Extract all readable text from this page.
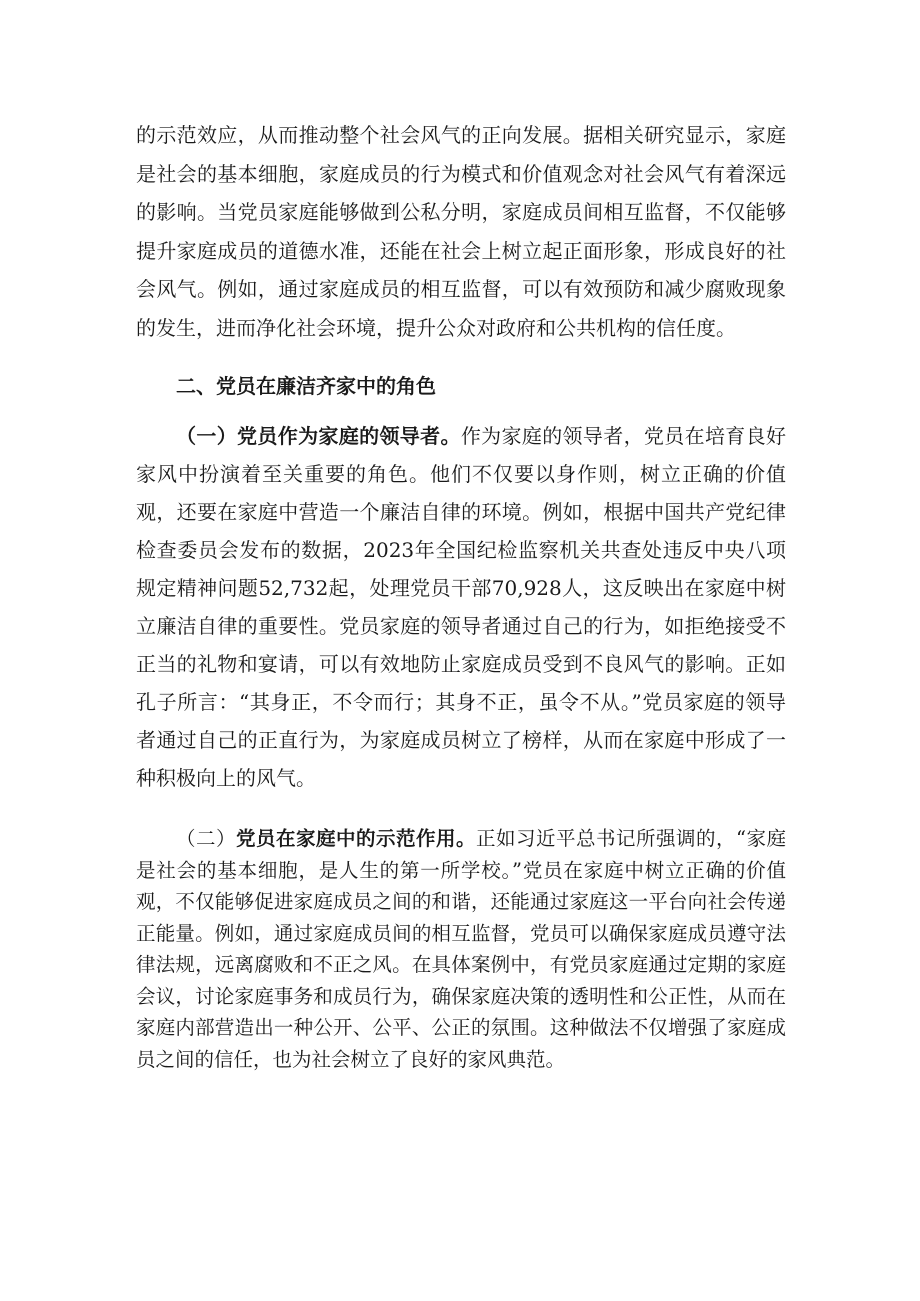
的示范效应，从而推动整个社会风气的正向发展。据相关研究显示，家庭是社会的基本细胞，家庭成员的行为模式和价值观念对社会风气有着深远的影响。当党员家庭能够做到公私分明，家庭成员间相互监督，不仅能够提升家庭成员的道德水准，还能在社会上树立起正面形象，形成良好的社会风气。例如，通过家庭成员的相互监督，可以有效预防和减少腐败现象的发生，进而净化社会环境，提升公众对政府和公共机构的信任度。

二、党员在廉洁齐家中的角色

（一）党员作为家庭的领导者。作为家庭的领导者，党员在培育良好家风中扮演着至关重要的角色。他们不仅要以身作则，树立正确的价值观，还要在家庭中营造一个廉洁自律的环境。例如，根据中国共产党纪律检查委员会发布的数据，2023年全国纪检监察机关共查处违反中央八项规定精神问题52,732起，处理党员干部70,928人，这反映出在家庭中树立廉洁自律的重要性。党员家庭的领导者通过自己的行为，如拒绝接受不正当的礼物和宴请，可以有效地防止家庭成员受到不良风气的影响。正如孔子所言：“其身正，不令而行；其身不正，虽令不从。”党员家庭的领导者通过自己的正直行为，为家庭成员树立了榜样，从而在家庭中形成了一种积极向上的风气。

（二）党员在家庭中的示范作用。正如习近平总书记所强调的，“家庭是社会的基本细胞，是人生的第一所学校。”党员在家庭中树立正确的价值观，不仅能够促进家庭成员之间的和谐，还能通过家庭这一平台向社会传递正能量。例如，通过家庭成员间的相互监督，党员可以确保家庭成员遵守法律法规，远离腐败和不正之风。在具体案例中，有党员家庭通过定期的家庭会议，讨论家庭事务和成员行为，确保家庭决策的透明性和公正性，从而在家庭内部营造出一种公开、公平、公正的氛围。这种做法不仅增强了家庭成员之间的信任，也为社会树立了良好的家风典范。
